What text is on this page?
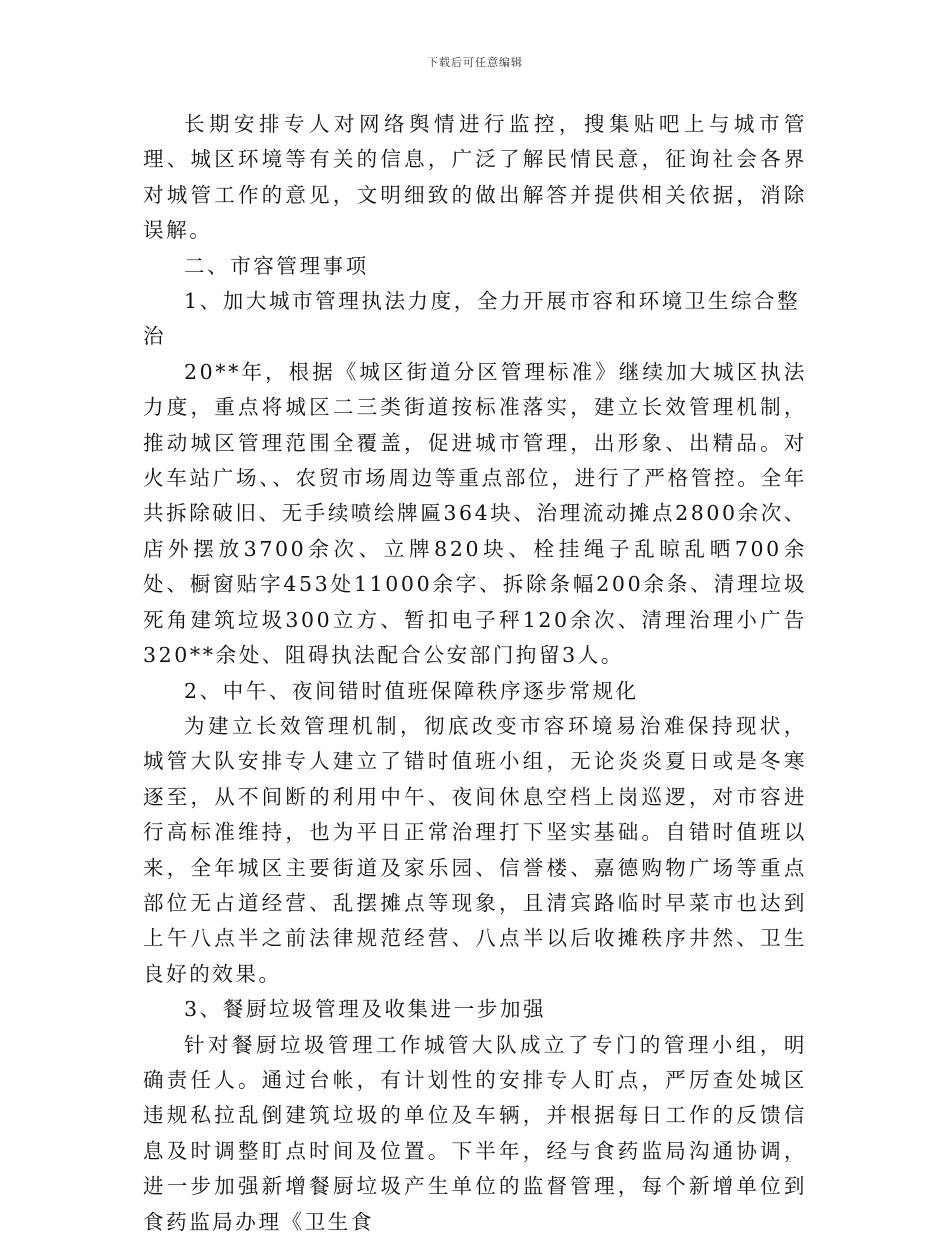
下载后可任意编辑

长期安排专人对网络舆情进行监控，搜集贴吧上与城市管理、城区环境等有关的信息，广泛了解民情民意，征询社会各界对城管工作的意见，文明细致的做出解答并提供相关依据，消除误解。

二、市容管理事项

1、加大城市管理执法力度，全力开展市容和环境卫生综合整治

20**年，根据《城区街道分区管理标准》继续加大城区执法力度，重点将城区二三类街道按标准落实，建立长效管理机制，推动城区管理范围全覆盖，促进城市管理，出形象、出精品。对火车站广场、、农贸市场周边等重点部位，进行了严格管控。全年共拆除破旧、无手续喷绘牌匾364块、治理流动摊点2800余次、店外摆放3700余次、立牌820块、栓挂绳子乱晾乱晒700余处、橱窗贴字453处11000余字、拆除条幅200余条、清理垃圾死角建筑垃圾300立方、暂扣电子秤120余次、清理治理小广告320**余处、阻碍执法配合公安部门拘留3人。

2、中午、夜间错时值班保障秩序逐步常规化

为建立长效管理机制，彻底改变市容环境易治难保持现状，城管大队安排专人建立了错时值班小组，无论炎炎夏日或是冬寒逐至，从不间断的利用中午、夜间休息空档上岗巡逻，对市容进行高标准维持，也为平日正常治理打下坚实基础。自错时值班以来，全年城区主要街道及家乐园、信誉楼、嘉德购物广场等重点部位无占道经营、乱摆摊点等现象，且清宾路临时早菜市也达到上午八点半之前法律规范经营、八点半以后收摊秩序井然、卫生良好的效果。

3、餐厨垃圾管理及收集进一步加强

针对餐厨垃圾管理工作城管大队成立了专门的管理小组，明确责任人。通过台帐，有计划性的安排专人盯点，严厉查处城区违规私拉乱倒建筑垃圾的单位及车辆，并根据每日工作的反馈信息及时调整盯点时间及位置。下半年，经与食药监局沟通协调，进一步加强新增餐厨垃圾产生单位的监督管理，每个新增单位到食药监局办理《卫生食
